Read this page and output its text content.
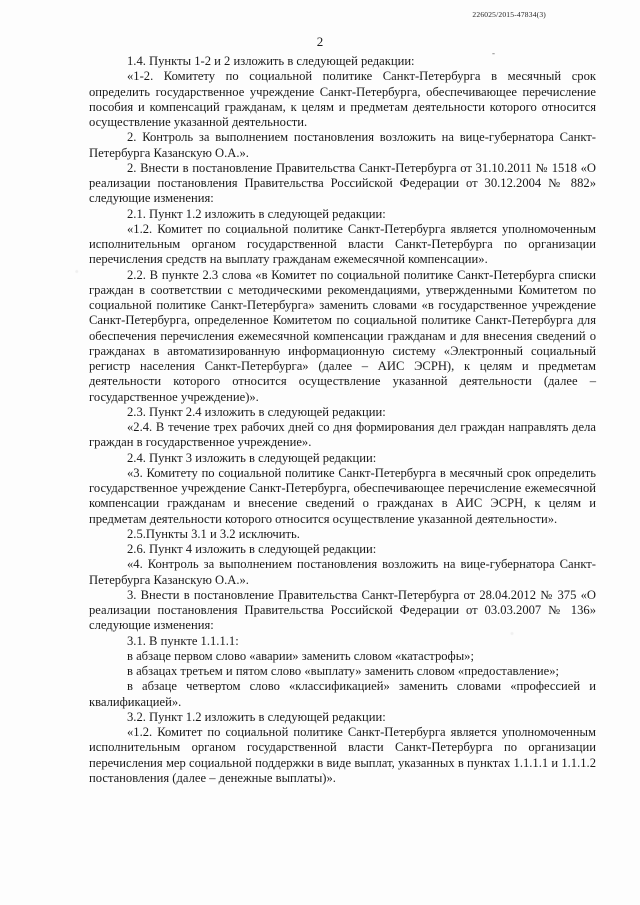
226025/2015-47834(3)
2
-

1.4. Пункты 1-2 и 2 изложить в следующей редакции:

«1-2. Комитету по социальной политике Санкт-Петербурга в месячный срок определить государственное учреждение Санкт-Петербурга, обеспечивающее перечисление пособия и компенсаций гражданам, к целям и предметам деятельности которого относится осуществление указанной деятельности.

2. Контроль за выполнением постановления возложить на вице-губернатора Санкт-Петербурга Казанскую О.А.».

2. Внести в постановление Правительства Санкт-Петербурга от 31.10.2011 № 1518 «О реализации постановления Правительства Российской Федерации от 30.12.2004 № 882» следующие изменения:

2.1. Пункт 1.2 изложить в следующей редакции:

«1.2. Комитет по социальной политике Санкт-Петербурга является уполномоченным исполнительным органом государственной власти Санкт-Петербурга по организации перечисления средств на выплату гражданам ежемесячной компенсации».

2.2. В пункте 2.3 слова «в Комитет по социальной политике Санкт-Петербурга списки граждан в соответствии с методическими рекомендациями, утвержденными Комитетом по социальной политике Санкт-Петербурга» заменить словами «в государственное учреждение Санкт-Петербурга, определенное Комитетом по социальной политике Санкт-Петербурга для обеспечения перечисления ежемесячной компенсации гражданам и для внесения сведений о гражданах в автоматизированную информационную систему «Электронный социальный регистр населения Санкт-Петербурга» (далее – АИС ЭСРН), к целям и предметам деятельности которого относится осуществление указанной деятельности (далее – государственное учреждение)».

2.3. Пункт 2.4 изложить в следующей редакции:

«2.4. В течение трех рабочих дней со дня формирования дел граждан направлять дела граждан в государственное учреждение».

2.4. Пункт 3 изложить в следующей редакции:

«3. Комитету по социальной политике Санкт-Петербурга в месячный срок определить государственное учреждение Санкт-Петербурга, обеспечивающее перечисление ежемесячной компенсации гражданам и внесение сведений о гражданах в АИС ЭСРН, к целям и предметам деятельности которого относится осуществление указанной деятельности».

2.5.Пункты 3.1 и 3.2 исключить.

2.6. Пункт 4 изложить в следующей редакции:

«4. Контроль за выполнением постановления возложить на вице-губернатора Санкт-Петербурга Казанскую О.А.».

3. Внести в постановление Правительства Санкт-Петербурга от 28.04.2012 № 375 «О реализации постановления Правительства Российской Федерации от 03.03.2007 № 136» следующие изменения:

3.1. В пункте 1.1.1.1:

в абзаце первом слово «аварии» заменить словом «катастрофы»;

в абзацах третьем и пятом слово «выплату» заменить словом «предоставление»;

в абзаце четвертом слово «классификацией» заменить словами «профессией и квалификацией».

3.2. Пункт 1.2 изложить в следующей редакции:

«1.2. Комитет по социальной политике Санкт-Петербурга является уполномоченным исполнительным органом государственной власти Санкт-Петербурга по организации перечисления мер социальной поддержки в виде выплат, указанных в пунктах 1.1.1.1 и 1.1.1.2 постановления (далее – денежные выплаты)».
